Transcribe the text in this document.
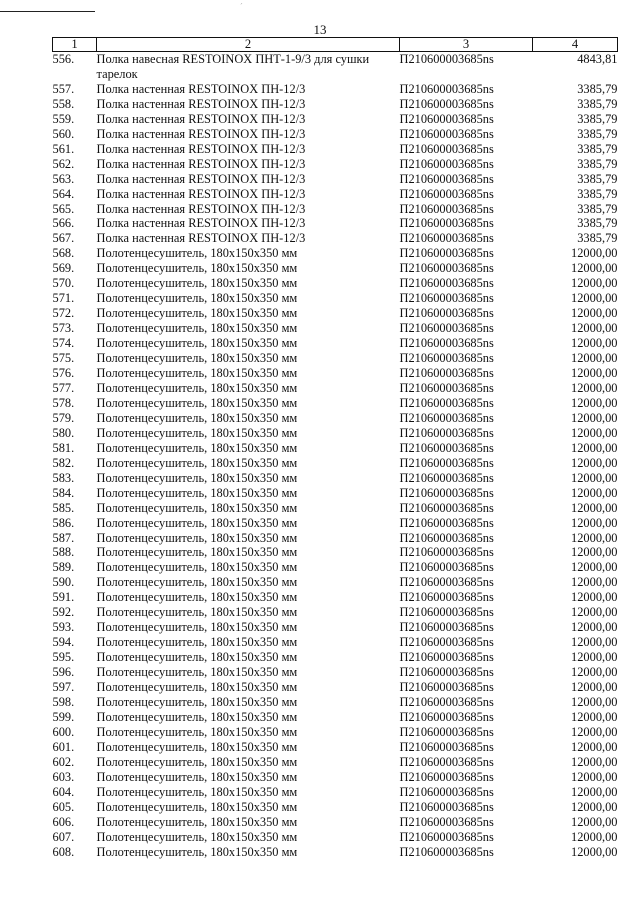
13
1	2	3	4
556.	Полка навесная RESTOINOX ПНТ-1-9/3 для сушки тарелок	П210600003685ns	4843,81
557.	Полка настенная RESTOINOX ПН-12/3	П210600003685ns	3385,79
558.	Полка настенная RESTOINOX ПН-12/3	П210600003685ns	3385,79
559.	Полка настенная RESTOINOX ПН-12/3	П210600003685ns	3385,79
560.	Полка настенная RESTOINOX ПН-12/3	П210600003685ns	3385,79
561.	Полка настенная RESTOINOX ПН-12/3	П210600003685ns	3385,79
562.	Полка настенная RESTOINOX ПН-12/3	П210600003685ns	3385,79
563.	Полка настенная RESTOINOX ПН-12/3	П210600003685ns	3385,79
564.	Полка настенная RESTOINOX ПН-12/3	П210600003685ns	3385,79
565.	Полка настенная RESTOINOX ПН-12/3	П210600003685ns	3385,79
566.	Полка настенная RESTOINOX ПН-12/3	П210600003685ns	3385,79
567.	Полка настенная RESTOINOX ПН-12/3	П210600003685ns	3385,79
568.	Полотенцесушитель, 180x150x350 мм	П210600003685ns	12000,00
569.	Полотенцесушитель, 180x150x350 мм	П210600003685ns	12000,00
570.	Полотенцесушитель, 180x150x350 мм	П210600003685ns	12000,00
571.	Полотенцесушитель, 180x150x350 мм	П210600003685ns	12000,00
572.	Полотенцесушитель, 180x150x350 мм	П210600003685ns	12000,00
573.	Полотенцесушитель, 180x150x350 мм	П210600003685ns	12000,00
574.	Полотенцесушитель, 180x150x350 мм	П210600003685ns	12000,00
575.	Полотенцесушитель, 180x150x350 мм	П210600003685ns	12000,00
576.	Полотенцесушитель, 180x150x350 мм	П210600003685ns	12000,00
577.	Полотенцесушитель, 180x150x350 мм	П210600003685ns	12000,00
578.	Полотенцесушитель, 180x150x350 мм	П210600003685ns	12000,00
579.	Полотенцесушитель, 180x150x350 мм	П210600003685ns	12000,00
580.	Полотенцесушитель, 180x150x350 мм	П210600003685ns	12000,00
581.	Полотенцесушитель, 180x150x350 мм	П210600003685ns	12000,00
582.	Полотенцесушитель, 180x150x350 мм	П210600003685ns	12000,00
583.	Полотенцесушитель, 180x150x350 мм	П210600003685ns	12000,00
584.	Полотенцесушитель, 180x150x350 мм	П210600003685ns	12000,00
585.	Полотенцесушитель, 180x150x350 мм	П210600003685ns	12000,00
586.	Полотенцесушитель, 180x150x350 мм	П210600003685ns	12000,00
587.	Полотенцесушитель, 180x150x350 мм	П210600003685ns	12000,00
588.	Полотенцесушитель, 180x150x350 мм	П210600003685ns	12000,00
589.	Полотенцесушитель, 180x150x350 мм	П210600003685ns	12000,00
590.	Полотенцесушитель, 180x150x350 мм	П210600003685ns	12000,00
591.	Полотенцесушитель, 180x150x350 мм	П210600003685ns	12000,00
592.	Полотенцесушитель, 180x150x350 мм	П210600003685ns	12000,00
593.	Полотенцесушитель, 180x150x350 мм	П210600003685ns	12000,00
594.	Полотенцесушитель, 180x150x350 мм	П210600003685ns	12000,00
595.	Полотенцесушитель, 180x150x350 мм	П210600003685ns	12000,00
596.	Полотенцесушитель, 180x150x350 мм	П210600003685ns	12000,00
597.	Полотенцесушитель, 180x150x350 мм	П210600003685ns	12000,00
598.	Полотенцесушитель, 180x150x350 мм	П210600003685ns	12000,00
599.	Полотенцесушитель, 180x150x350 мм	П210600003685ns	12000,00
600.	Полотенцесушитель, 180x150x350 мм	П210600003685ns	12000,00
601.	Полотенцесушитель, 180x150x350 мм	П210600003685ns	12000,00
602.	Полотенцесушитель, 180x150x350 мм	П210600003685ns	12000,00
603.	Полотенцесушитель, 180x150x350 мм	П210600003685ns	12000,00
604.	Полотенцесушитель, 180x150x350 мм	П210600003685ns	12000,00
605.	Полотенцесушитель, 180x150x350 мм	П210600003685ns	12000,00
606.	Полотенцесушитель, 180x150x350 мм	П210600003685ns	12000,00
607.	Полотенцесушитель, 180x150x350 мм	П210600003685ns	12000,00
608.	Полотенцесушитель, 180x150x350 мм	П210600003685ns	12000,00
ˊ
